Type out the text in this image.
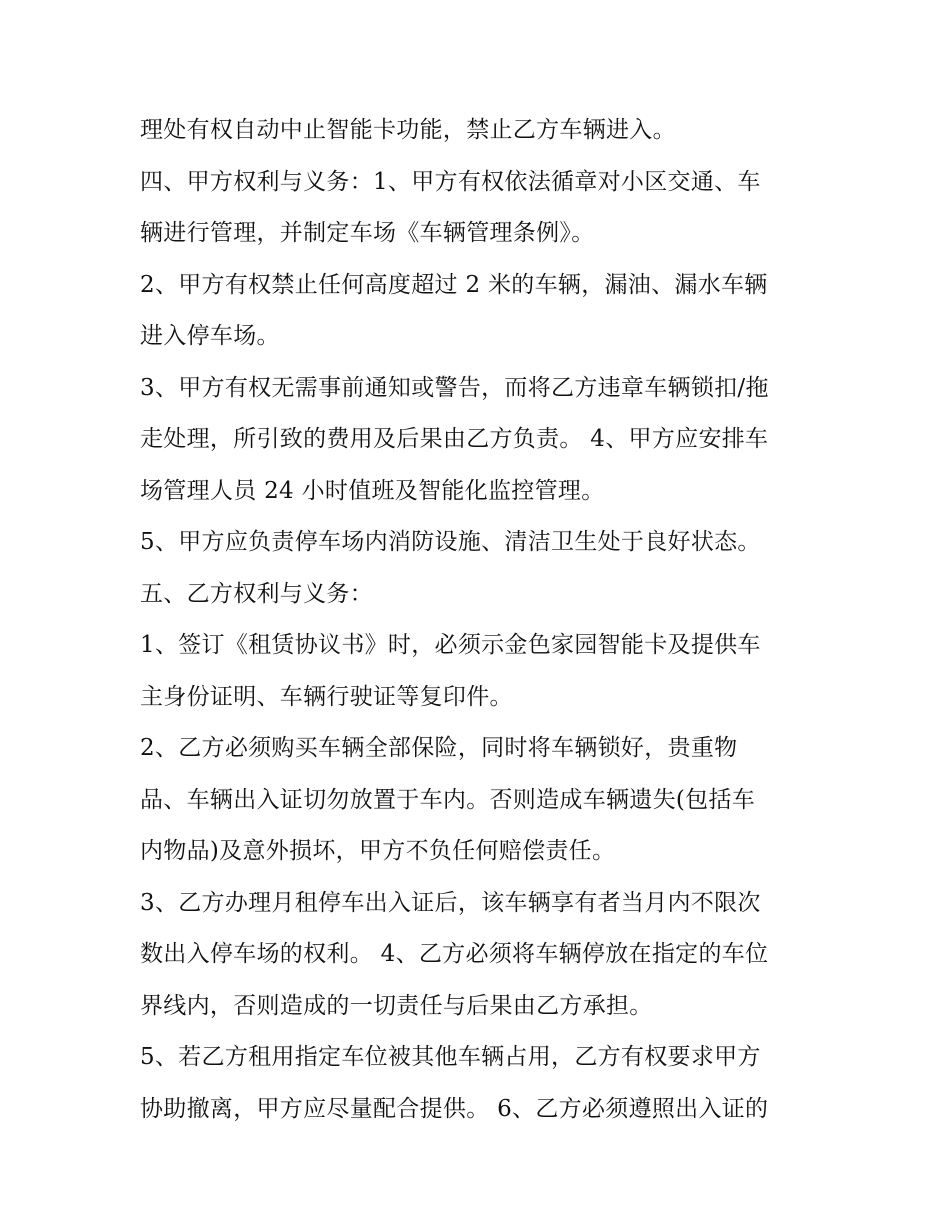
理处有权自动中止智能卡功能，禁止乙方车辆进入。
四、甲方权利与义务：1、甲方有权依法循章对小区交通、车
辆进行管理，并制定车场《车辆管理条例》。
2、甲方有权禁止任何高度超过 2 米的车辆，漏油、漏水车辆
进入停车场。
3、甲方有权无需事前通知或警告，而将乙方违章车辆锁扣/拖
走处理，所引致的费用及后果由乙方负责。 4、甲方应安排车
场管理人员 24 小时值班及智能化监控管理。
5、甲方应负责停车场内消防设施、清洁卫生处于良好状态。
五、乙方权利与义务：
1、签订《租赁协议书》时，必须示金色家园智能卡及提供车
主身份证明、车辆行驶证等复印件。
2、乙方必须购买车辆全部保险，同时将车辆锁好，贵重物
品、车辆出入证切勿放置于车内。否则造成车辆遗失(包括车
内物品)及意外损坏，甲方不负任何赔偿责任。
3、乙方办理月租停车出入证后，该车辆享有者当月内不限次
数出入停车场的权利。 4、乙方必须将车辆停放在指定的车位
界线内，否则造成的一切责任与后果由乙方承担。
5、若乙方租用指定车位被其他车辆占用，乙方有权要求甲方
协助撤离，甲方应尽量配合提供。 6、乙方必须遵照出入证的
